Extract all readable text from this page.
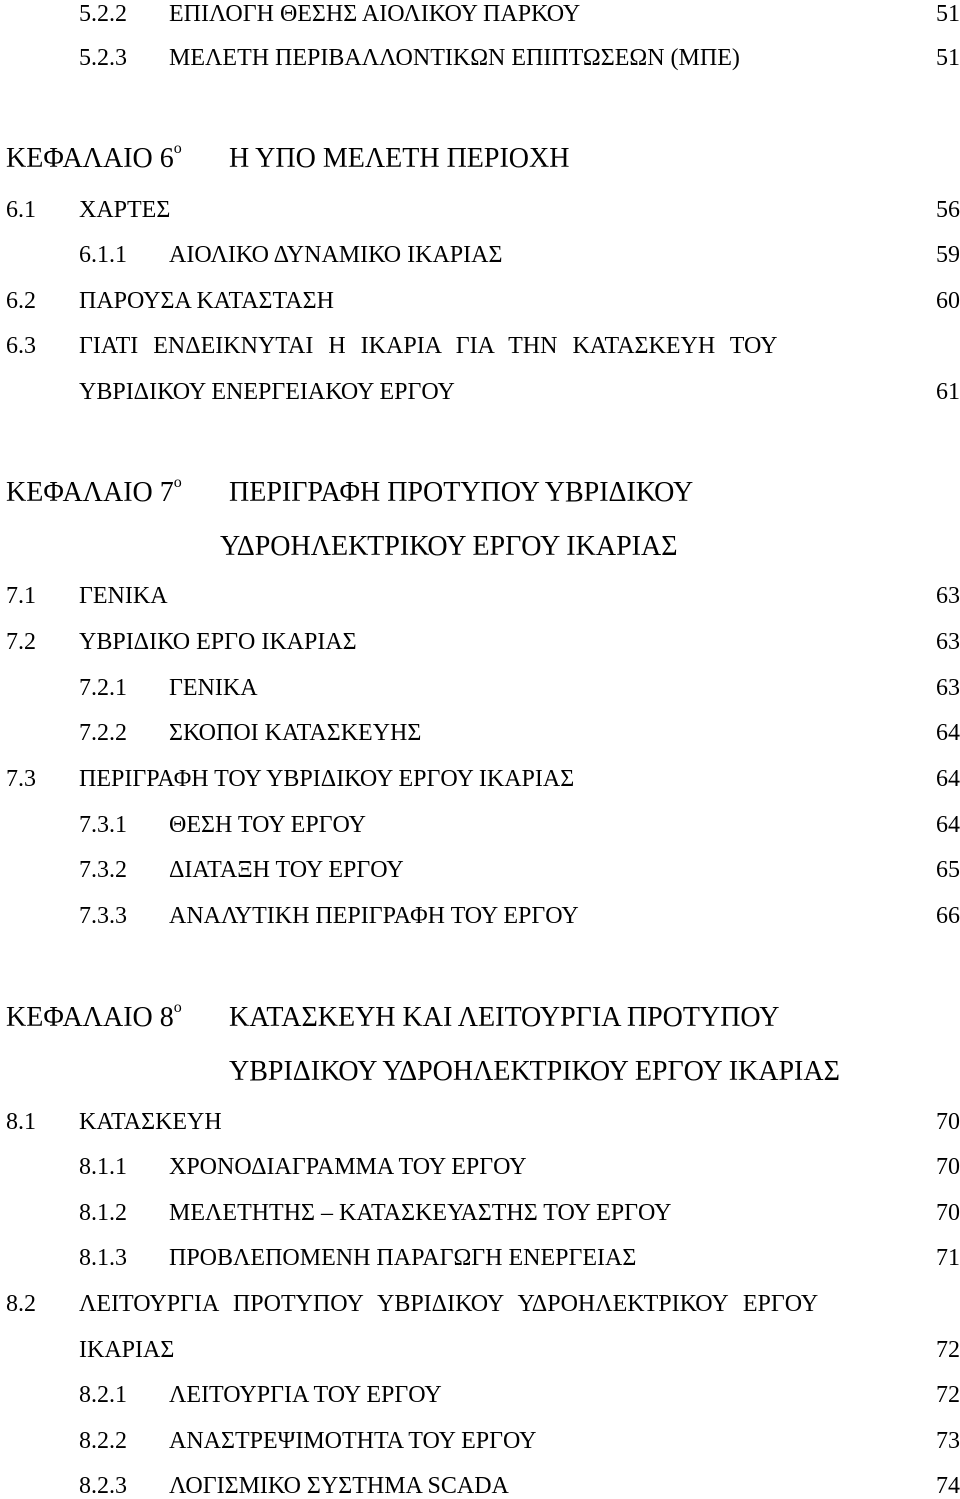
5.2.2 ΕΠΙΛΟΓΗ ΘΕΣΗΣ ΑΙΟΛΙΚΟΥ ΠΑΡΚΟΥ	51
5.2.3 ΜΕΛΕΤΗ ΠΕΡΙΒΑΛΛΟΝΤΙΚΩΝ ΕΠΙΠΤΩΣΕΩΝ (ΜΠΕ)	51
ΚΕΦΑΛΑΙΟ $6^o$ Η ΥΠΟ ΜΕΛΕΤΗ ΠΕΡΙΟΧΗ
6.1 ΧΑΡΤΕΣ	56
6.1.1 ΑΙΟΛΙΚΟ ΔΥΝΑΜΙΚΟ ΙΚΑΡΙΑΣ	59
6.2 ΠΑΡΟΥΣΑ ΚΑΤΑΣΤΑΣΗ	60
6.3 ΓΙΑΤΙ ΕΝΔΕΙΚΝΥΤΑΙ Η ΙΚΑΡΙΑ ΓΙΑ ΤΗΝ ΚΑΤΑΣΚΕΥΗ ΤΟΥ
ΥΒΡΙΔΙΚΟΥ ΕΝΕΡΓΕΙΑΚΟΥ ΕΡΓΟΥ	61
ΚΕΦΑΛΑΙΟ $7^o$ ΠΕΡΙΓΡΑΦΗ ΠΡΟΤΥΠΟΥ ΥΒΡΙΔΙΚΟΥ
ΥΔΡΟΗΛΕΚΤΡΙΚΟΥ ΕΡΓΟΥ ΙΚΑΡΙΑΣ
7.1 ΓΕΝΙΚΑ	63
7.2 ΥΒΡΙΔΙΚΟ ΕΡΓΟ ΙΚΑΡΙΑΣ	63
7.2.1 ΓΕΝΙΚΑ	63
7.2.2 ΣΚΟΠΟΙ ΚΑΤΑΣΚΕΥΗΣ	64
7.3 ΠΕΡΙΓΡΑΦΗ ΤΟΥ ΥΒΡΙΔΙΚΟΥ ΕΡΓΟΥ ΙΚΑΡΙΑΣ	64
7.3.1 ΘΕΣΗ ΤΟΥ ΕΡΓΟΥ	64
7.3.2 ΔΙΑΤΑΞΗ ΤΟΥ ΕΡΓΟΥ	65
7.3.3 ΑΝΑΛΥΤΙΚΗ ΠΕΡΙΓΡΑΦΗ ΤΟΥ ΕΡΓΟΥ	66
ΚΕΦΑΛΑΙΟ $8^o$ ΚΑΤΑΣΚΕΥΗ ΚΑΙ ΛΕΙΤΟΥΡΓΙΑ ΠΡΟΤΥΠΟΥ
ΥΒΡΙΔΙΚΟΥ ΥΔΡΟΗΛΕΚΤΡΙΚΟΥ ΕΡΓΟΥ ΙΚΑΡΙΑΣ
8.1 ΚΑΤΑΣΚΕΥΗ	70
8.1.1 ΧΡΟΝΟΔΙΑΓΡΑΜΜΑ ΤΟΥ ΕΡΓΟΥ	70
8.1.2 ΜΕΛΕΤΗΤΗΣ – ΚΑΤΑΣΚΕΥΑΣΤΗΣ ΤΟΥ ΕΡΓΟΥ	70
8.1.3 ΠΡΟΒΛΕΠΟΜΕΝΗ ΠΑΡΑΓΩΓΗ ΕΝΕΡΓΕΙΑΣ	71
8.2 ΛΕΙΤΟΥΡΓΙΑ ΠΡΟΤΥΠΟΥ ΥΒΡΙΔΙΚΟΥ ΥΔΡΟΗΛΕΚΤΡΙΚΟΥ ΕΡΓΟΥ
ΙΚΑΡΙΑΣ	72
8.2.1 ΛΕΙΤΟΥΡΓΙΑ ΤΟΥ ΕΡΓΟΥ	72
8.2.2 ΑΝΑΣΤΡΕΨΙΜΟΤΗΤΑ ΤΟΥ ΕΡΓΟΥ	73
8.2.3 ΛΟΓΙΣΜΙΚΟ ΣΥΣΤΗΜΑ SCADA	74
